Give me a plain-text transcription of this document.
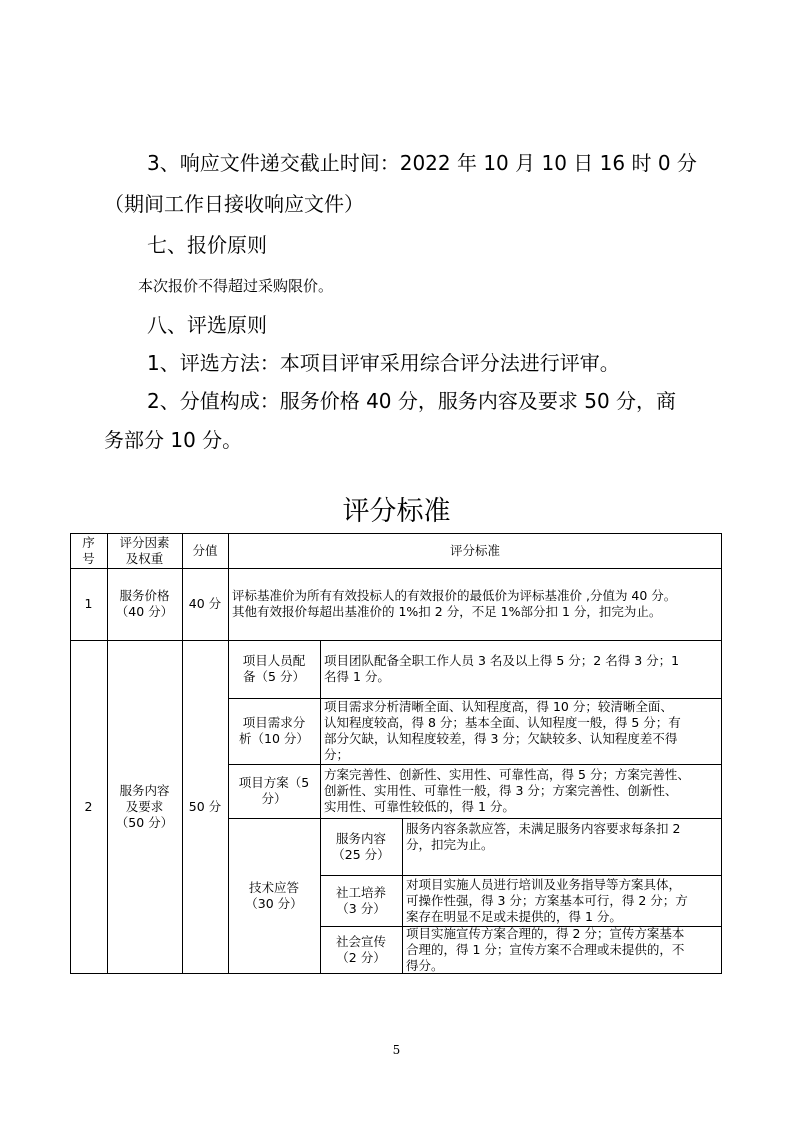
3、响应文件递交截止时间：2022 年 10 月 10 日 16 时 0 分
（期间工作日接收响应文件）
七、报价原则
本次报价不得超过采购限价。
八、评选原则
1、评选方法：本项目评审采用综合评分法进行评审。
2、分值构成：服务价格 40 分，服务内容及要求 50 分，商
务部分 10 分。
评分标准
序
号
评分因素
及权重
分值	评分标准
1
服务价格
（40 分）
40 分
评标基准价为所有有效投标人的有效报价的最低价为评标基准价 ,分值为 40 分。
其他有效报价每超出基准价的 1%扣 2 分，不足 1%部分扣 1 分，扣完为止。
2
服务内容
及要求
（50 分）
50 分
项目人员配
备（5 分）
项目团队配备全职工作人员 3 名及以上得 5 分；2 名得 3 分；1
名得 1 分。
项目需求分
析（10 分）
项目需求分析清晰全面、认知程度高，得 10 分；较清晰全面、
认知程度较高，得 8 分；基本全面、认知程度一般，得 5 分；有
部分欠缺，认知程度较差，得 3 分；欠缺较多、认知程度差不得
分；
项目方案（5
分）
方案完善性、创新性、实用性、可靠性高，得 5 分；方案完善性、
创新性、实用性、可靠性一般，得 3 分；方案完善性、创新性、
实用性、可靠性较低的，得 1 分。
技术应答
（30 分）
服务内容
（25 分）
服务内容条款应答，未满足服务内容要求每条扣 2
分，扣完为止。
社工培养
（3 分）
对项目实施人员进行培训及业务指导等方案具体，
可操作性强，得 3 分；方案基本可行，得 2 分；方
案存在明显不足或未提供的，得 1 分。
社会宣传
（2 分）
项目实施宣传方案合理的，得 2 分；宣传方案基本
合理的，得 1 分；宣传方案不合理或未提供的，不
得分。
5
